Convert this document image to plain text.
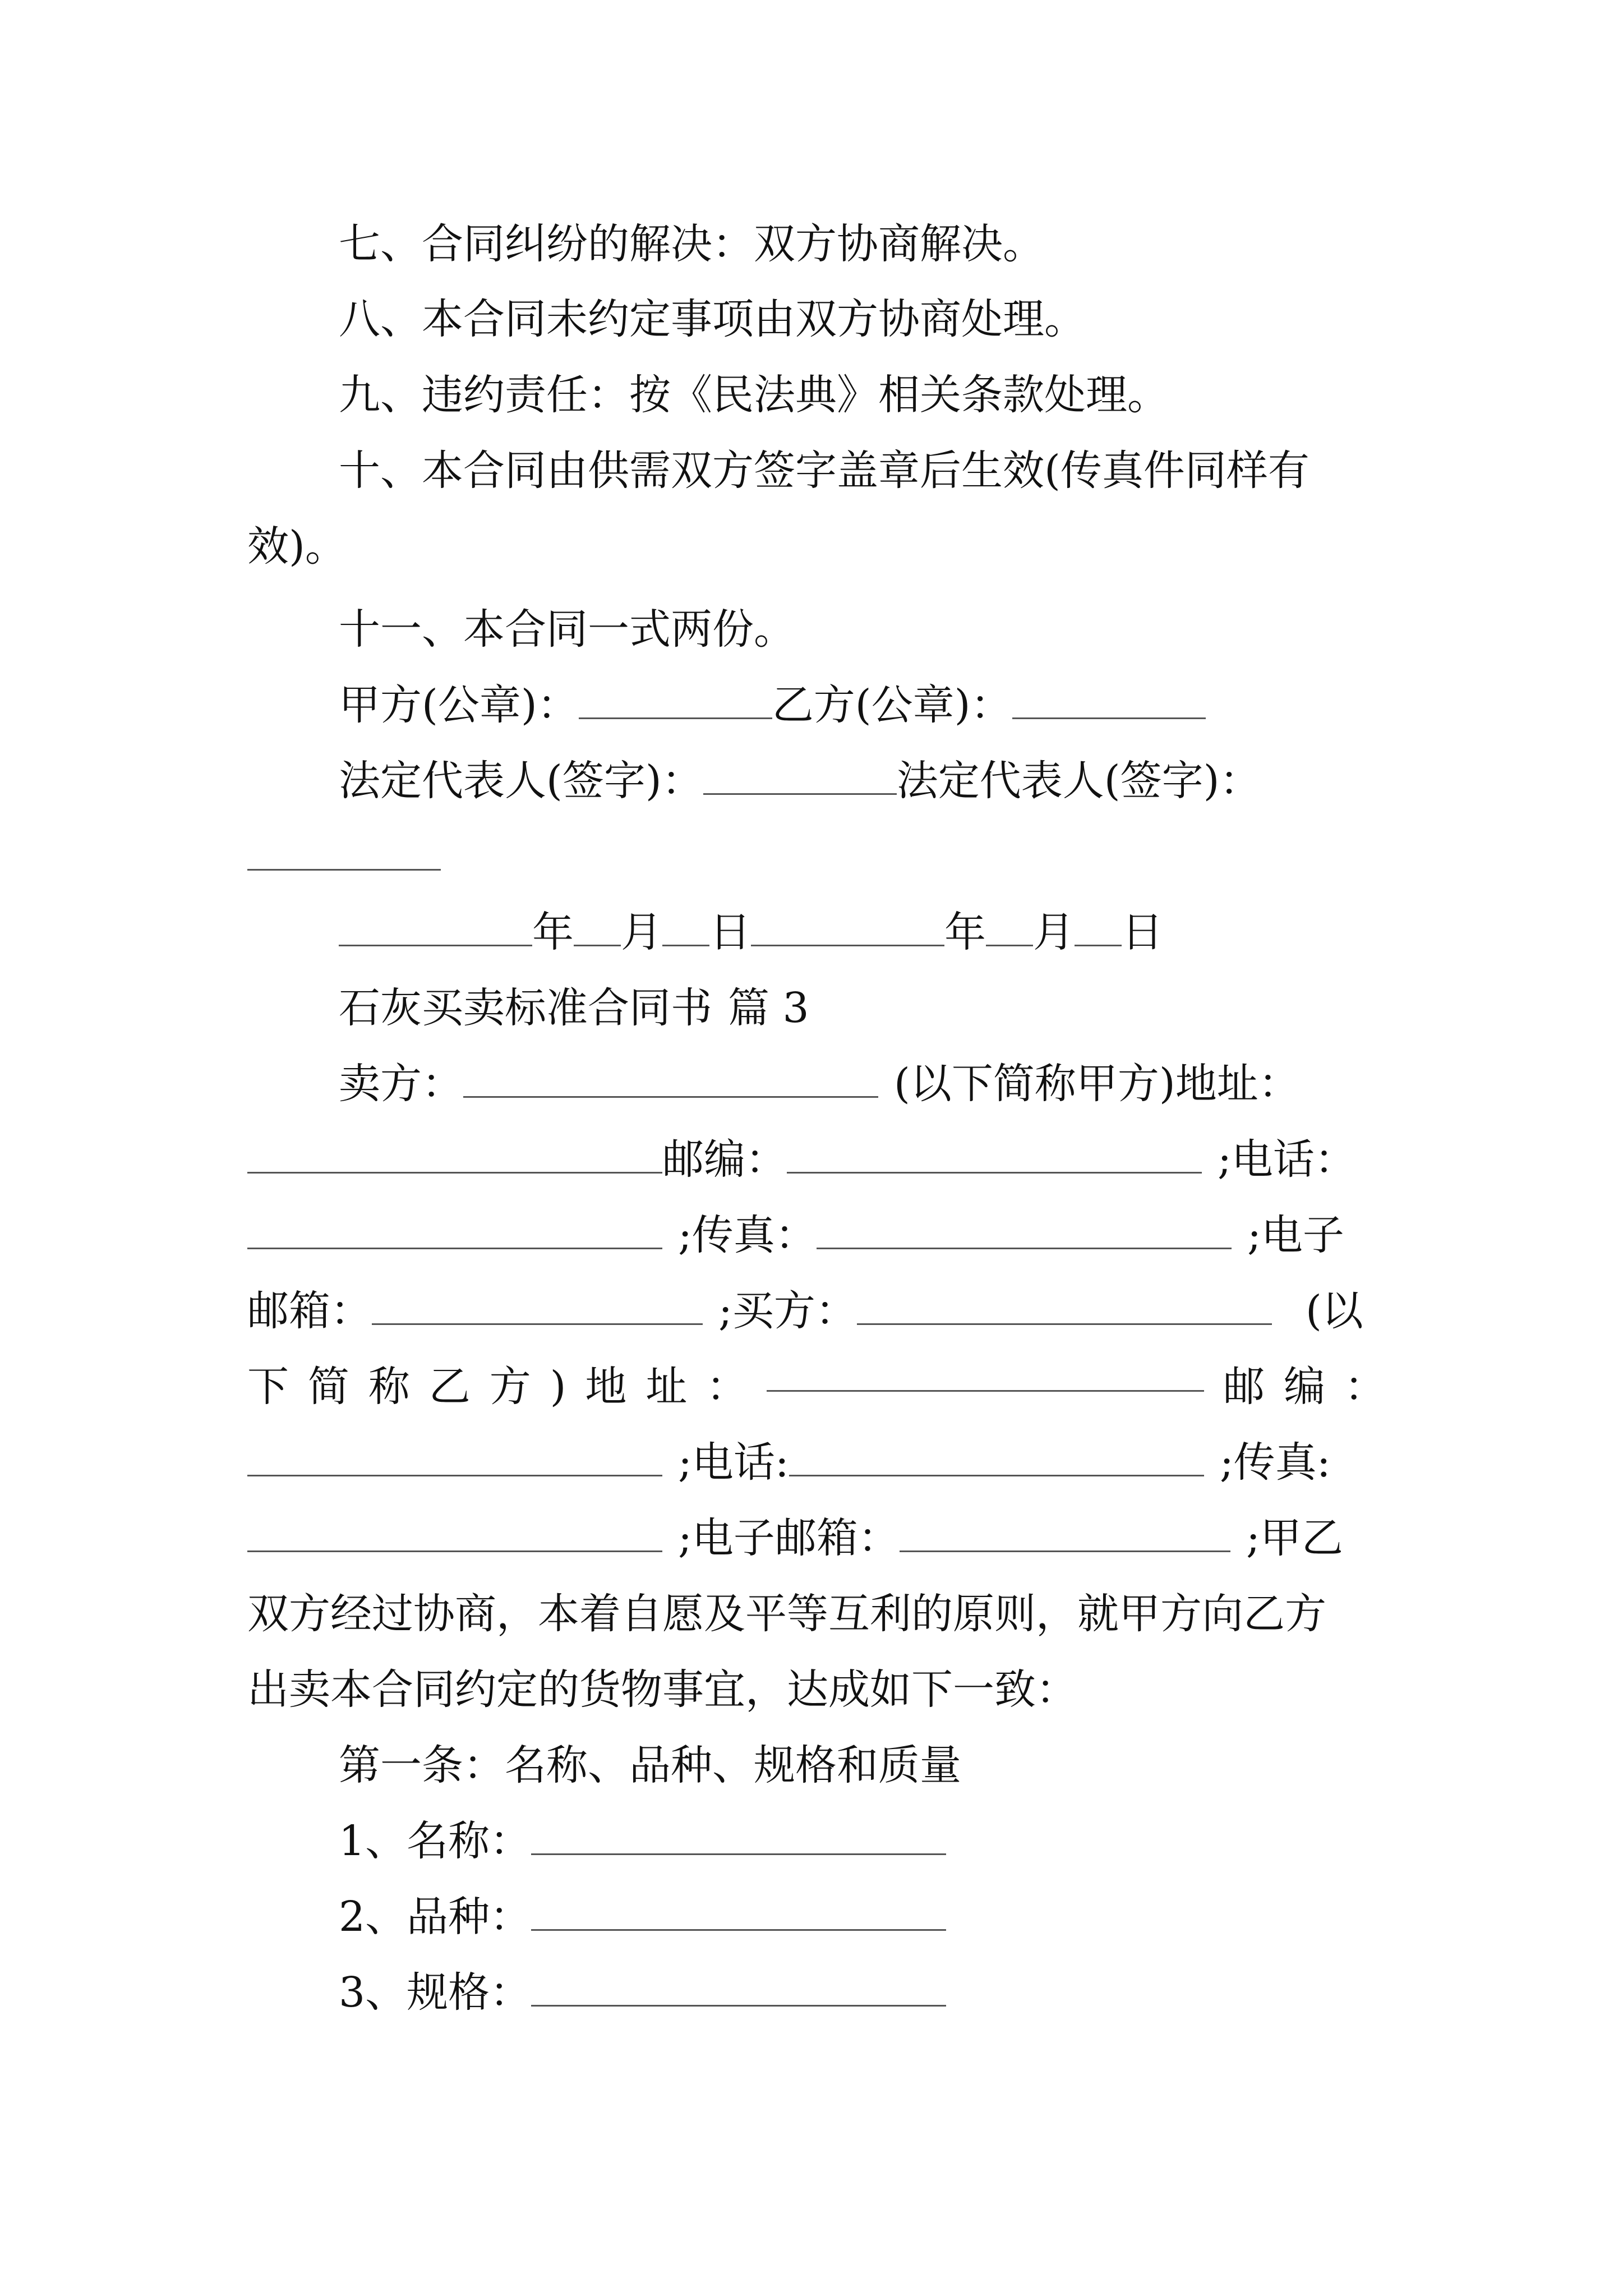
七、合同纠纷的解决：双方协商解决。
八、本合同未约定事项由双方协商处理。
九、违约责任：按《民法典》相关条款处理。
十、本合同由供需双方签字盖章后生效(传真件同样有
效)。
十一、本合同一式两份。
甲方(公章)：	乙方(公章)：
法定代表人(签字)：	法定代表人(签字)：
年 月 日	年 月 日
石灰买卖标准合同书 篇 3
卖方：	(以下简称甲方)地址：
邮编：	;电话：
;传真：	;电子
邮箱：	;买方：	(以
下 简 称 乙 方 ) 地 址 ：	邮 编 ：
;电话:	;传真:
;电子邮箱：	;甲乙
双方经过协商，本着自愿及平等互利的原则，就甲方向乙方
出卖本合同约定的货物事宜，达成如下一致：
第一条：名称、品种、规格和质量
1、名称：
2、品种：
3、规格：
